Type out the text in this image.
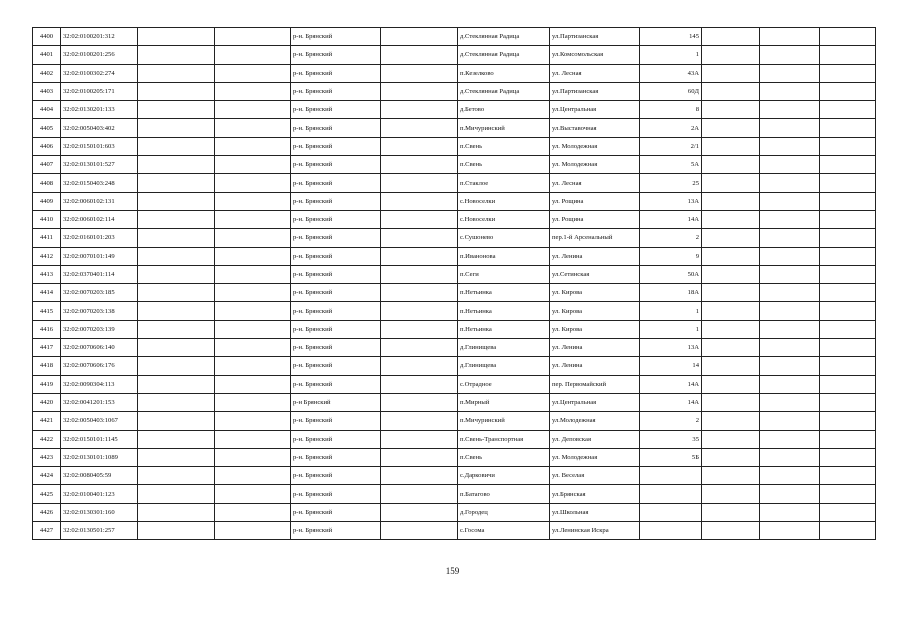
4400	32:02:0100201:312			р-н. Брянский		д.Стеклянная Радица	ул.Партизанская	145			
4401	32:02:0100201:256			р-н. Брянский		д.Стеклянная Радица	ул.Комсомольская	1			
4402	32:02:0100302:274			р-н. Брянский		п.Кезелково	ул. Лесная	43А			
4403	32:02:0100205:171			р-н. Брянский		д.Стеклянная Радица	ул.Партизанская	60Д			
4404	32:02:0130201:133			р-н. Брянский		д.Бетово	ул.Центральная	8			
4405	32:02:0050403:402			р-н. Брянский		п.Мичуринский	ул.Выставочная	2А			
4406	32:02:0150101:603			р-н. Брянский		п.Свень	ул. Молодежная	2/1			
4407	32:02:0130101:527			р-н. Брянский		п.Свень	ул. Молодежная	5А			
4408	32:02:0150403:248			р-н. Брянский		п.Стаклое	ул. Лесная	25			
4409	32:02:0060102:131			р-н. Брянский		с.Новоселки	ул. Рощина	13А			
4410	32:02:0060102:114			р-н. Брянский		с.Новоселки	ул. Рощина	14А			
4411	32:02:0160101:203			р-н. Брянский		с.Сушонево	пер.1-й Арсенальный	2			
4412	32:02:0070101:149			р-н. Брянский		п.Иванонова	ул. Ленина	9			
4413	32:02:0370401:114			р-н. Брянский		п.Сеги	ул.Сетинская	50А			
4414	32:02:0070203:185			р-н. Брянский		п.Нетьинка	ул. Кирова	18А			
4415	32:02:0070203:138			р-н. Брянский		п.Нетьинка	ул. Кирова	1			
4416	32:02:0070203:139			р-н. Брянский		п.Нетьинка	ул. Кирова	1			
4417	32:02:0070606:140			р-н. Брянский		д.Глинищева	ул. Ленина	13А			
4418	32:02:0070606:176			р-н. Брянский		д.Глинищева	ул. Ленина	14			
4419	32:02:0090304:113			р-н. Брянский		с.Отрадное	пер. Первомайский	14А			
4420	32:02:0041201:153			р-н Брянский		п.Мирный	ул.Центральная	14А			
4421	32:02:0050403:1067			р-н. Брянский		п.Мичуринский	ул.Молодежная	2			
4422	32:02:0150101:1145			р-н. Брянский		п.Свень-Транспортная	ул. Деповская	35			
4423	32:02:0130101:1089			р-н. Брянский		п.Свень	ул. Молодежная	5Б			
4424	32:02:0080405:59			р-н. Брянский		с.Дарковичи	ул. Веселая				
4425	32:02:0100401:123			р-н. Брянский		п.Батагово	ул.Брянская				
4426	32:02:0130301:160			р-н. Брянский		д.Городец	ул.Школьная				
4427	32:02:0130501:257			р-н. Брянский		с.Госома	ул.Ленинская Искра				
159
